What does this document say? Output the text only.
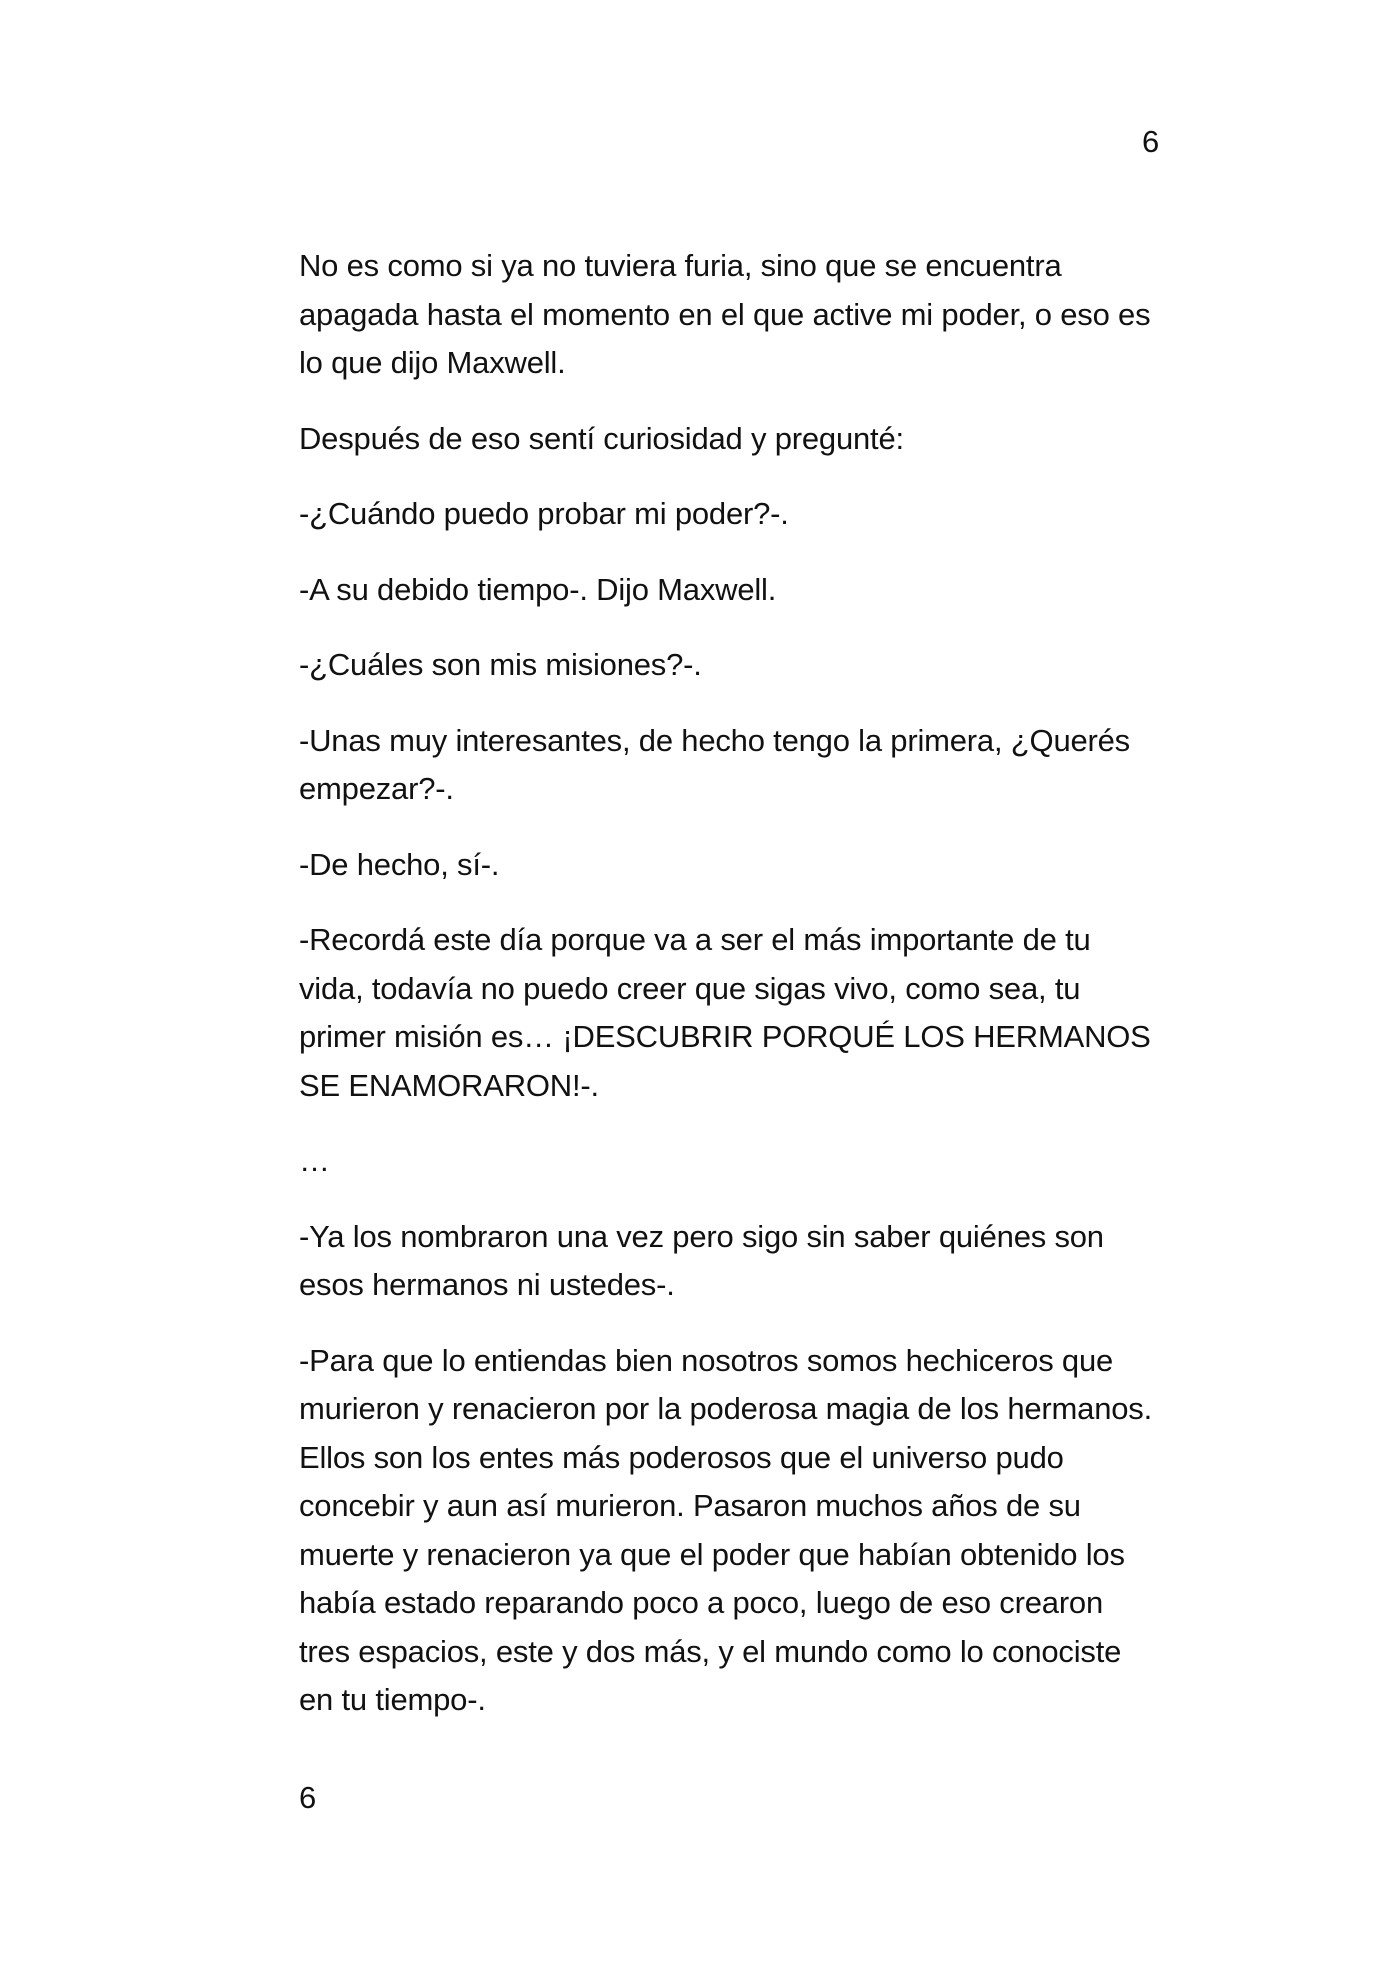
6

No es como si ya no tuviera furia, sino que se encuentra apagada hasta el momento en el que active mi poder, o eso es lo que dijo Maxwell.

Después de eso sentí curiosidad y pregunté:

-¿Cuándo puedo probar mi poder?-.

-A su debido tiempo-. Dijo Maxwell.

-¿Cuáles son mis misiones?-.

-Unas muy interesantes, de hecho tengo la primera, ¿Querés empezar?-.

-De hecho, sí-.

-Recordá este día porque va a ser el más importante de tu vida, todavía no puedo creer que sigas vivo, como sea, tu primer misión es… ¡DESCUBRIR PORQUÉ LOS HERMANOS SE ENAMORARON!-.

…

-Ya los nombraron una vez pero sigo sin saber quiénes son esos hermanos ni ustedes-.

-Para que lo entiendas bien nosotros somos hechiceros que murieron y renacieron por la poderosa magia de los hermanos. Ellos son los entes más poderosos que el universo pudo concebir y aun así murieron. Pasaron muchos años de su muerte y renacieron ya que el poder que habían obtenido los había estado reparando poco a poco, luego de eso crearon tres espacios, este y dos más, y el mundo como lo conociste en tu tiempo-.

6
